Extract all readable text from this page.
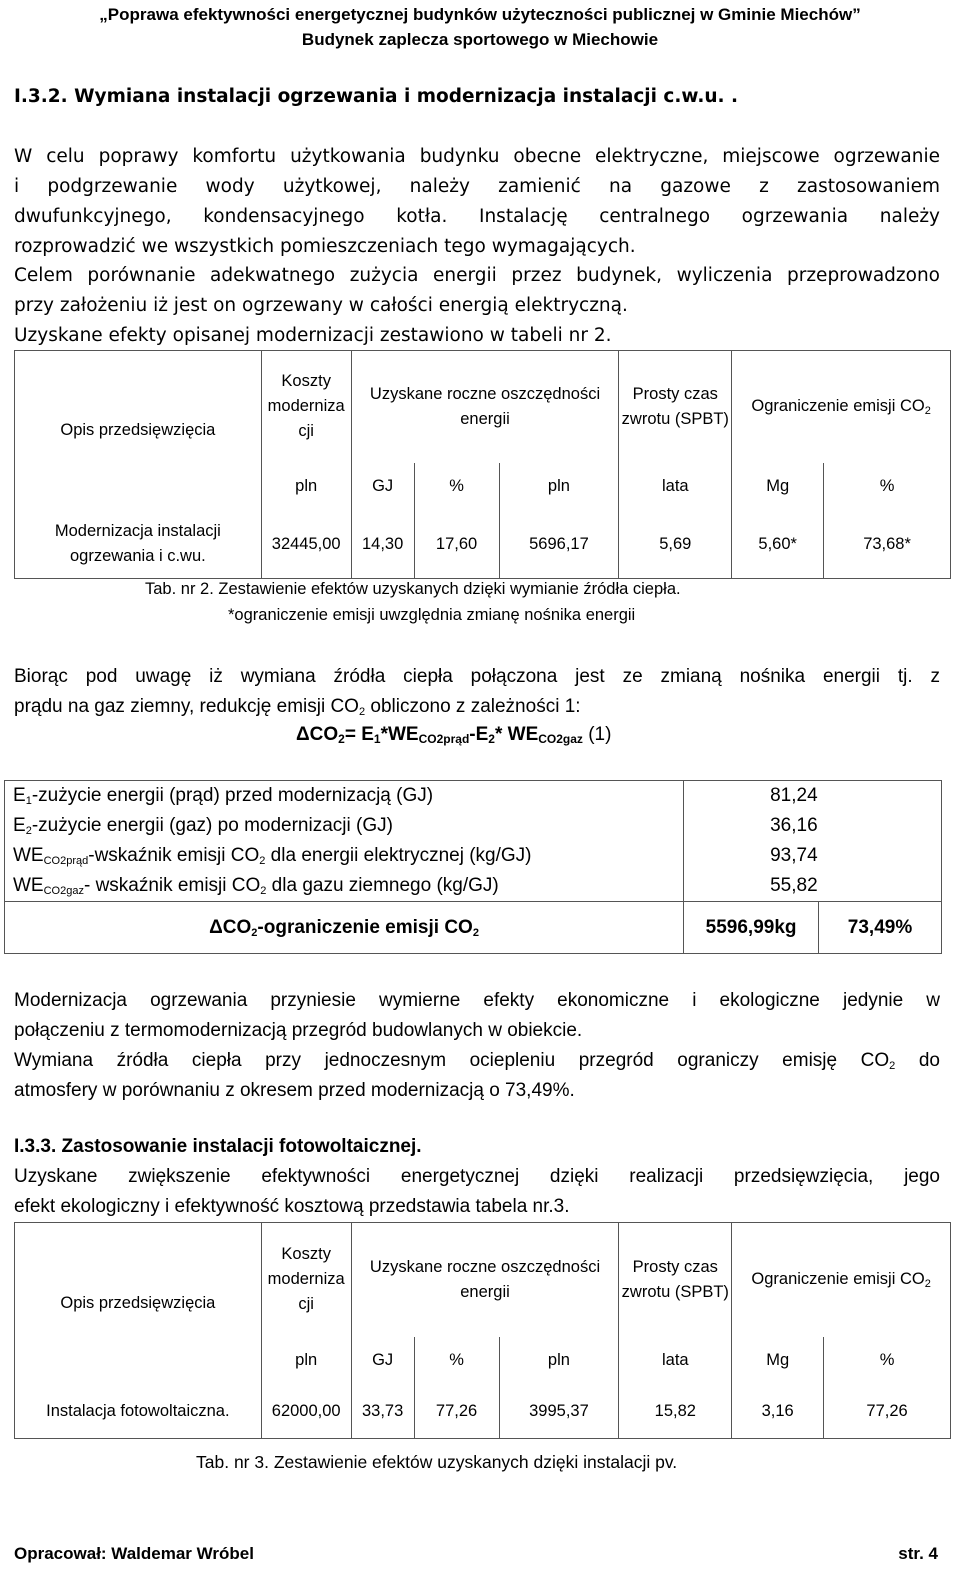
„Poprawa efektywności energetycznej budynków użyteczności publicznej w Gminie Miechów”
Budynek zaplecza sportowego w Miechowie
I.3.2. Wymiana instalacji ogrzewania i modernizacja instalacji c.w.u. .
W celu poprawy komfortu użytkowania budynku obecne elektryczne, miejscowe ogrzewanie
i podgrzewanie wody użytkowej, należy zamienić na gazowe z zastosowaniem
dwufunkcyjnego, kondensacyjnego kotła. Instalację centralnego ogrzewania należy
rozprowadzić we wszystkich pomieszczeniach tego wymagających.
Celem porównanie adekwatnego zużycia energii przez budynek, wyliczenia przeprowadzono
przy założeniu iż jest on ogrzewany w całości energią elektryczną.
Uzyskane efekty opisanej modernizacji zestawiono w tabeli nr 2.
Opis przedsięwzięcia	Koszty moderniza cji	Uzyskane roczne oszczędności energii			Prosty czas zwrotu (SPBT)	Ograniczenie emisji $CO_2$
	pln	GJ	%	pln	lata	Mg	%
Modernizacja instalacji ogrzewania i c.wu.	32445,00	14,30	17,60	5696,17	5,69	5,60*	73,68*
Tab. nr 2. Zestawienie efektów uzyskanych dzięki wymianie źródła ciepła.
*ograniczenie emisji uwzględnia zmianę nośnika energii
Biorąc pod uwagę iż wymiana źródła ciepła połączona jest ze zmianą nośnika energii tj. z
prądu na gaz ziemny, redukcję emisji $CO_2$ obliczono z zależności 1:
$\Delta CO_2= E_1*WE_{CO2prąd}-E_2*$ $WE_{CO2gaz}$ (1)
$E_1$-zużycie energii (prąd) przed modernizacją (GJ)	81,24	
$E_2$-zużycie energii (gaz) po modernizacji (GJ)	36,16	
$WE_{CO2prąd}$-wskaźnik emisji $CO_2$ dla energii elektrycznej (kg/GJ)	93,74	
$WE_{CO2gaz}-$ wskaźnik emisji $CO_2$ dla gazu ziemnego (kg/GJ)	55,82	
$\Delta CO_2$-ograniczenie emisji $CO_2$	5596,99kg	73,49%
Modernizacja ogrzewania przyniesie wymierne efekty ekonomiczne i ekologiczne jedynie w
połączeniu z termomodernizacją przegród budowlanych w obiekcie.
Wymiana źródła ciepła przy jednoczesnym ociepleniu przegród ograniczy emisję $CO_2$ do
atmosfery w porównaniu z okresem przed modernizacją o 73,49%.
I.3.3. Zastosowanie instalacji fotowoltaicznej.
Uzyskane zwiększenie efektywności energetycznej dzięki realizacji przedsięwzięcia, jego
efekt ekologiczny i efektywność kosztową przedstawia tabela nr.3.
Opis przedsięwzięcia	Koszty moderniza cji	Uzyskane roczne oszczędności energii			Prosty czas zwrotu (SPBT)	Ograniczenie emisji $CO_2$
	pln	GJ	%	pln	lata	Mg	%
Instalacja fotowoltaiczna.	62000,00	33,73	77,26	3995,37	15,82	3,16	77,26
Tab. nr 3. Zestawienie efektów uzyskanych dzięki instalacji pv.
Opracował: Waldemar Wróbel	str. 4
